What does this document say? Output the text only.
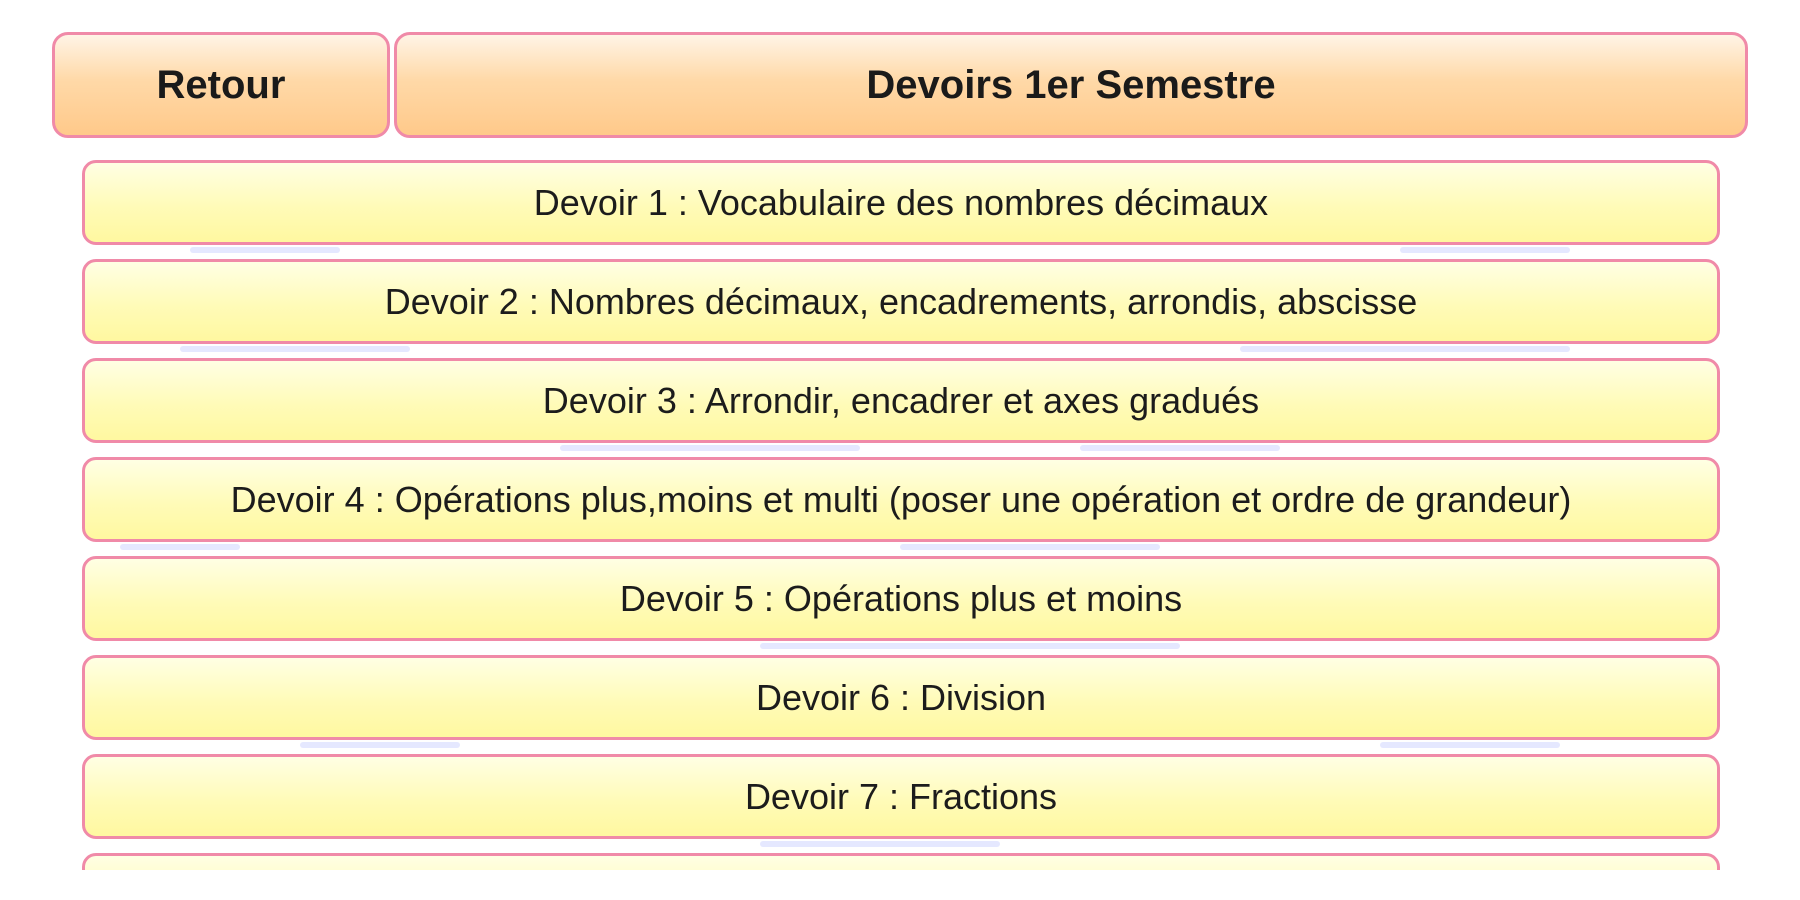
Retour	Devoirs 1er Semestre
Devoir 1 : Vocabulaire des nombres décimaux
Devoir 2 : Nombres décimaux, encadrements, arrondis, abscisse
Devoir 3 : Arrondir, encadrer et axes gradués
Devoir 4 : Opérations plus,moins et multi (poser une opération et ordre de grandeur)
Devoir 5 : Opérations plus et moins
Devoir 6 : Division
Devoir 7 : Fractions
